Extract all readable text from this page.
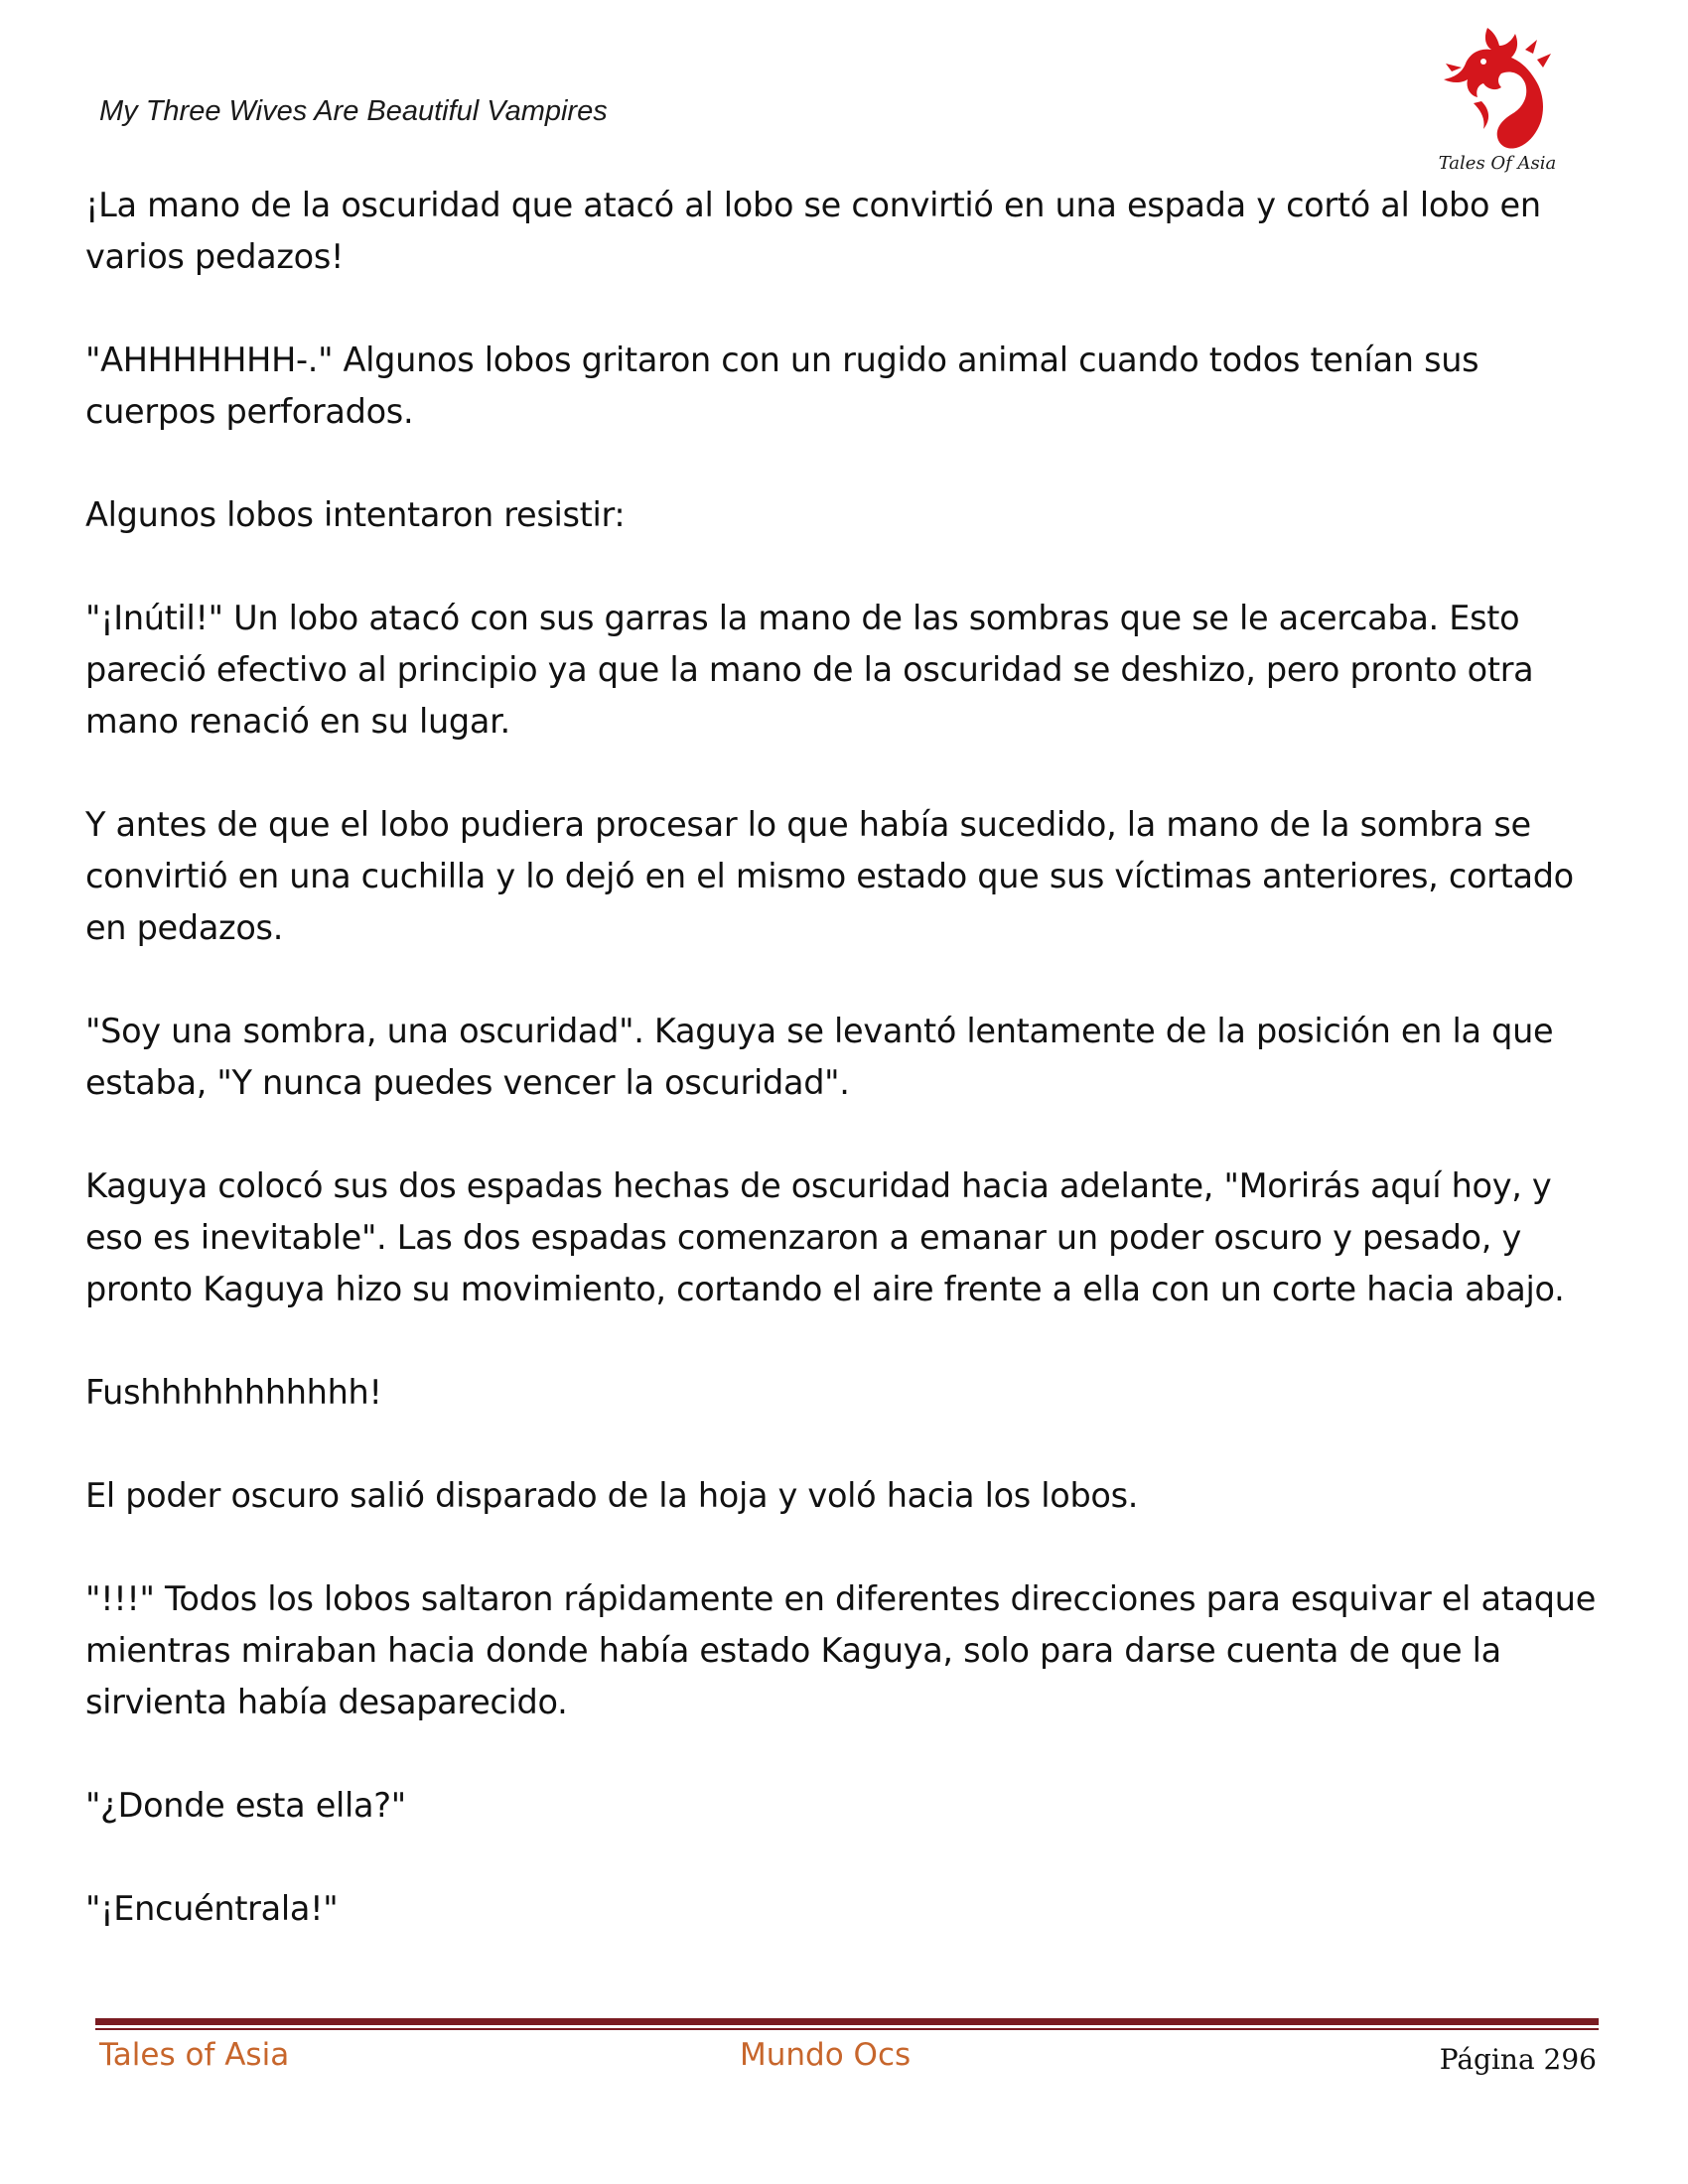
My Three Wives Are Beautiful Vampires
Tales Of Asia

¡La mano de la oscuridad que atacó al lobo se convirtió en una espada y cortó al lobo en varios pedazos!

"AHHHHHHH-." Algunos lobos gritaron con un rugido animal cuando todos tenían sus cuerpos perforados.

Algunos lobos intentaron resistir:

"¡Inútil!" Un lobo atacó con sus garras la mano de las sombras que se le acercaba. Esto pareció efectivo al principio ya que la mano de la oscuridad se deshizo, pero pronto otra mano renació en su lugar.

Y antes de que el lobo pudiera procesar lo que había sucedido, la mano de la sombra se convirtió en una cuchilla y lo dejó en el mismo estado que sus víctimas anteriores, cortado en pedazos.

"Soy una sombra, una oscuridad". Kaguya se levantó lentamente de la posición en la que estaba, "Y nunca puedes vencer la oscuridad".

Kaguya colocó sus dos espadas hechas de oscuridad hacia adelante, "Morirás aquí hoy, y eso es inevitable". Las dos espadas comenzaron a emanar un poder oscuro y pesado, y pronto Kaguya hizo su movimiento, cortando el aire frente a ella con un corte hacia abajo.

Fushhhhhhhhhhh!

El poder oscuro salió disparado de la hoja y voló hacia los lobos.

"!!!" Todos los lobos saltaron rápidamente en diferentes direcciones para esquivar el ataque mientras miraban hacia donde había estado Kaguya, solo para darse cuenta de que la sirvienta había desaparecido.

"¿Donde esta ella?"

"¡Encuéntrala!"

Tales of Asia	Mundo Ocs	Página 296
